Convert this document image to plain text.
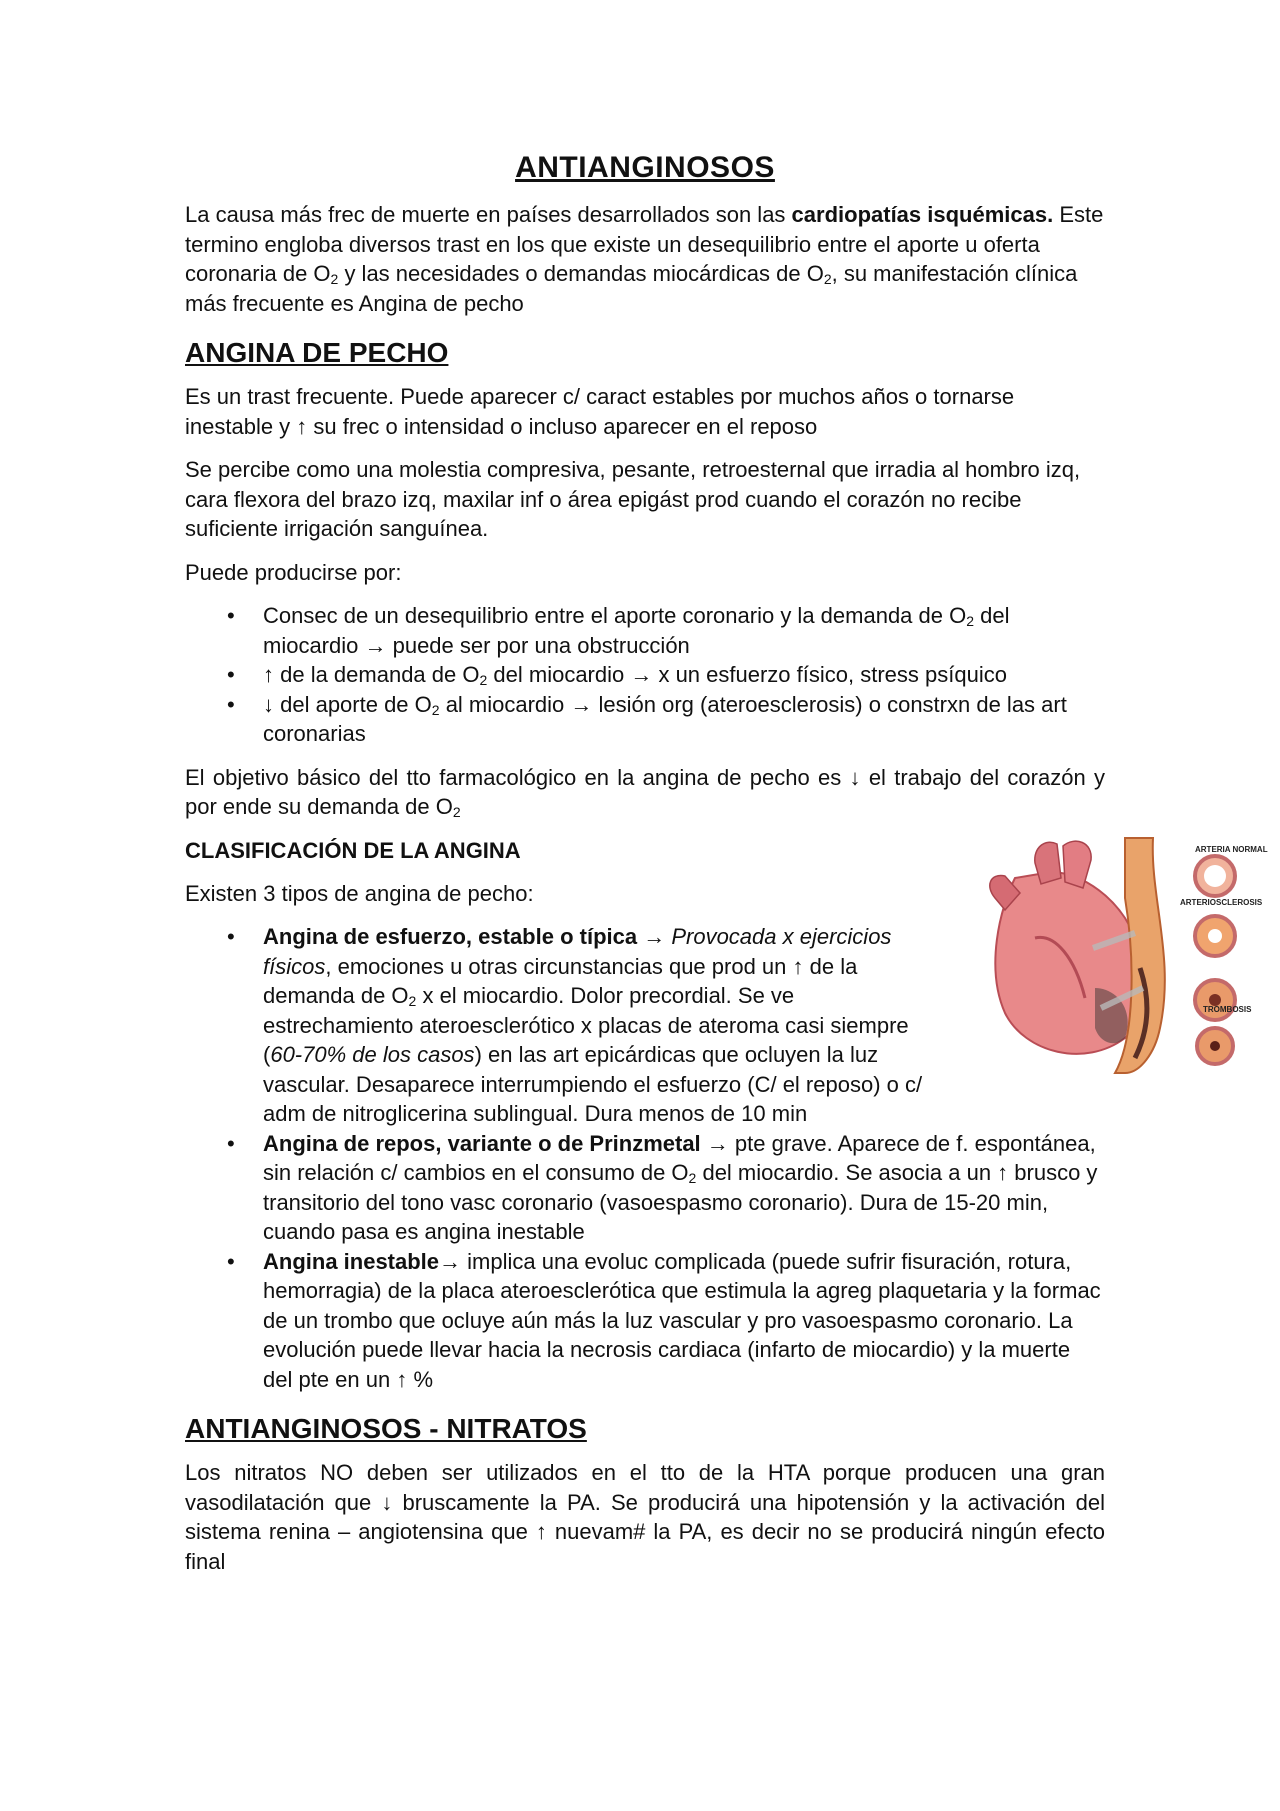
ANTIANGINOSOS

La causa más frec de muerte en países desarrollados son las cardiopatías isquémicas. Este termino engloba diversos trast en los que existe un desequilibrio entre el aporte u oferta coronaria de $O_2$ y las necesidades o demandas miocárdicas de $O_2$, su manifestación clínica más frecuente es Angina de pecho

ANGINA DE PECHO

Es un trast frecuente. Puede aparecer c/ caract estables por muchos años o tornarse inestable y ↑ su frec o intensidad o incluso aparecer en el reposo

Se percibe como una molestia compresiva, pesante, retroesternal que irradia al hombro izq, cara flexora del brazo izq, maxilar inf o área epigást prod cuando el corazón no recibe suficiente irrigación sanguínea.

Puede producirse por:

• Consec de un desequilibrio entre el aporte coronario y la demanda de $O_2$ del miocardio → puede ser por una obstrucción
• ↑ de la demanda de $O_2$ del miocardio → x un esfuerzo físico, stress psíquico
• ↓ del aporte de $O_2$ al miocardio → lesión org (ateroesclerosis) o constrxn de las art coronarias

El objetivo básico del tto farmacológico en la angina de pecho es ↓ el trabajo del corazón y por ende su demanda de $O_2$

CLASIFICACIÓN DE LA ANGINA

Existen 3 tipos de angina de pecho:

• Angina de esfuerzo, estable o típica → Provocada x ejercicios físicos, emociones u otras circunstancias que prod un ↑ de la demanda de $O_2$ x el miocardio. Dolor precordial. Se ve estrechamiento ateroesclerótico x placas de ateroma casi siempre (60-70% de los casos) en las art epicárdicas que ocluyen la luz vascular. Desaparece interrumpiendo el esfuerzo (C/ el reposo) o c/ adm de nitroglicerina sublingual. Dura menos de 10 min
• Angina de repos, variante o de Prinzmetal → pte grave. Aparece de f. espontánea, sin relación c/ cambios en el consumo de $O_2$ del miocardio. Se asocia a un ↑ brusco y transitorio del tono vasc coronario (vasoespasmo coronario). Dura de 15-20 min, cuando pasa es angina inestable
• Angina inestable→ implica una evoluc complicada (puede sufrir fisuración, rotura, hemorragia) de la placa ateroesclerótica que estimula la agreg plaquetaria y la formac de un trombo que ocluye aún más la luz vascular y pro vasoespasmo coronario. La evolución puede llevar hacia la necrosis cardiaca (infarto de miocardio) y la muerte del pte en un ↑ %
ANTIANGINOSOS - NITRATOS

Los nitratos NO deben ser utilizados en el tto de la HTA porque producen una gran vasodilatación que ↓ bruscamente la PA. Se producirá una hipotensión y la activación del sistema renina – angiotensina que ↑ nuevam# la PA, es decir no se producirá ningún efecto final

ARTERIA NORMAL
ARTERIOSCLEROSIS
TROMBOSIS
